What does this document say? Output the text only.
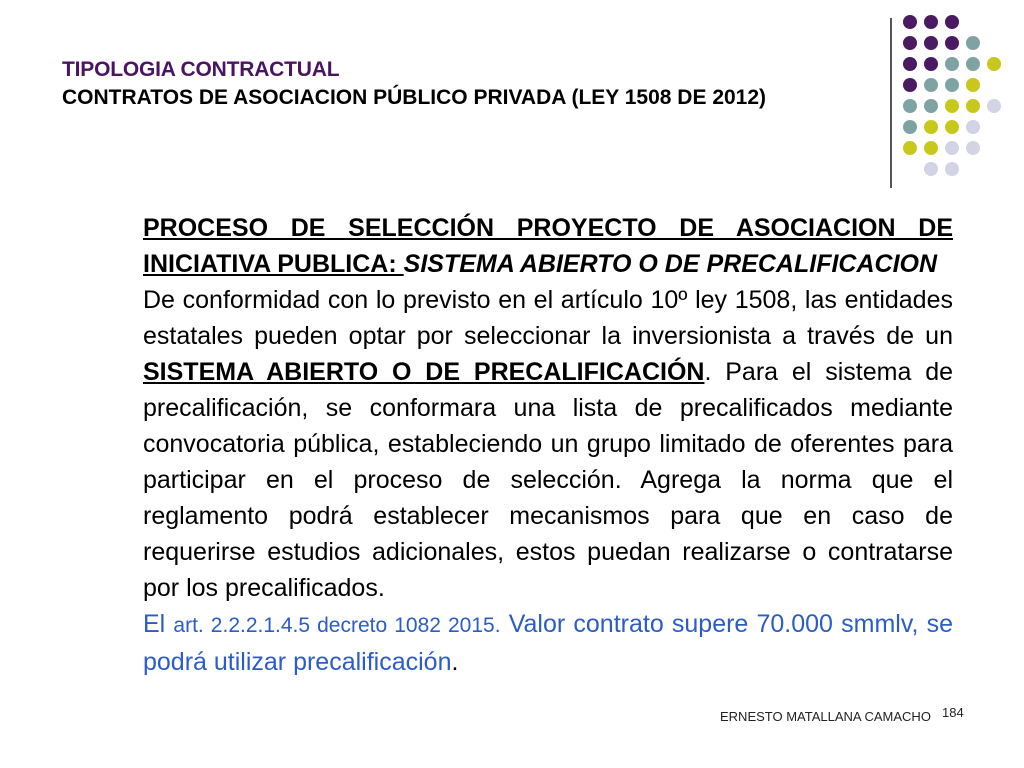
TIPOLOGIA CONTRACTUAL
CONTRATOS DE ASOCIACION PÚBLICO PRIVADA (LEY 1508 DE 2012)
PROCESO DE SELECCIÓN PROYECTO DE ASOCIACION DE INICIATIVA PUBLICA: SISTEMA ABIERTO O DE PRECALIFICACION
De conformidad con lo previsto en el artículo 10º ley 1508, las entidades estatales pueden optar por seleccionar la inversionista a través de un SISTEMA ABIERTO O DE PRECALIFICACIÓN. Para el sistema de precalificación, se conformara una lista de precalificados mediante convocatoria pública, estableciendo un grupo limitado de oferentes para participar en el proceso de selección. Agrega la norma que el reglamento podrá establecer mecanismos para que en caso de requerirse estudios adicionales, estos puedan realizarse o contratarse por los precalificados.
El art. 2.2.2.1.4.5 decreto 1082 2015. Valor contrato supere 70.000 smmlv, se podrá utilizar precalificación.
ERNESTO MATALLANA CAMACHO 184
